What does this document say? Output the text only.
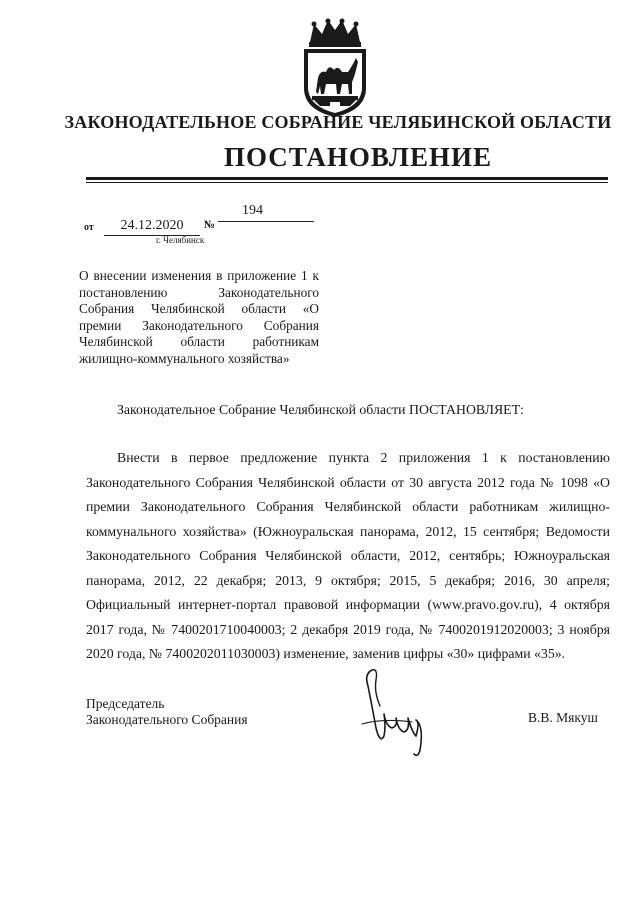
ЗАКОНОДАТЕЛЬНОЕ СОБРАНИЕ ЧЕЛЯБИНСКОЙ ОБЛАСТИ
ПОСТАНОВЛЕНИЕ
от	24.12.2020	№
194
г. Челябинск
О внесении изменения в приложение 1 к постановлению Законодательного Собрания Челябинской области «О премии Законодательного Собрания Челябинской области работникам жилищно-коммунального хозяйства»
Законодательное Собрание Челябинской области ПОСТАНОВЛЯЕТ:
Внести в первое предложение пункта 2 приложения 1 к постановлению Законодательного Собрания Челябинской области от 30 августа 2012 года № 1098 «О премии Законодательного Собрания Челябинской области работникам жилищно-коммунального хозяйства» (Южноуральская панорама, 2012, 15 сентября; Ведомости Законодательного Собрания Челябинской области, 2012, сентябрь; Южноуральская панорама, 2012, 22 декабря; 2013, 9 октября; 2015, 5 декабря; 2016, 30 апреля; Официальный интернет-портал правовой информации (www.pravo.gov.ru), 4 октября 2017 года, № 7400201710040003; 2 декабря 2019 года, № 7400201912020003; 3 ноября 2020 года, № 7400202011030003) изменение, заменив цифры «30» цифрами «35».
Председатель
Законодательного Собрания	В.В. Мякуш
